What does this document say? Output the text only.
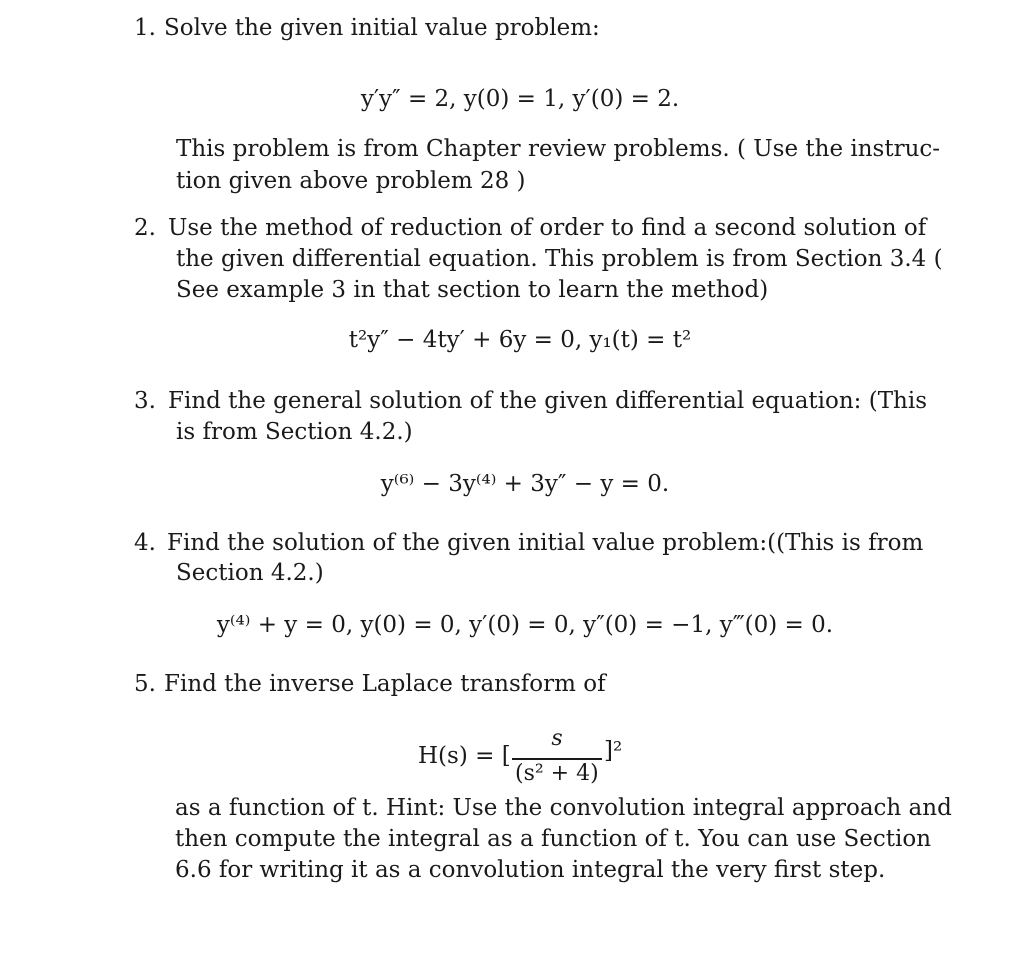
1. Solve the given initial value problem:
y′y″ = 2, y(0) = 1, y′(0) = 2.
This problem is from Chapter review problems. ( Use the instruc-
tion given above problem 28 )
2. Use the method of reduction of order to find a second solution of
the given differential equation. This problem is from Section 3.4 (
See example 3 in that section to learn the method)
t²y″ − 4ty′ + 6y = 0, y₁(t) = t²
3. Find the general solution of the given differential equation: (This
is from Section 4.2.)
y⁽⁶⁾ − 3y⁽⁴⁾ + 3y″ − y = 0.
4. Find the solution of the given initial value problem:((This is from
Section 4.2.)
y⁽⁴⁾ + y = 0, y(0) = 0, y′(0) = 0, y″(0) = −1, y‴(0) = 0.
5. Find the inverse Laplace transform of
H(s) = [
s
(s² + 4)
]²
as a function of t. Hint: Use the convolution integral approach and
then compute the integral as a function of t. You can use Section
6.6 for writing it as a convolution integral the very first step.
